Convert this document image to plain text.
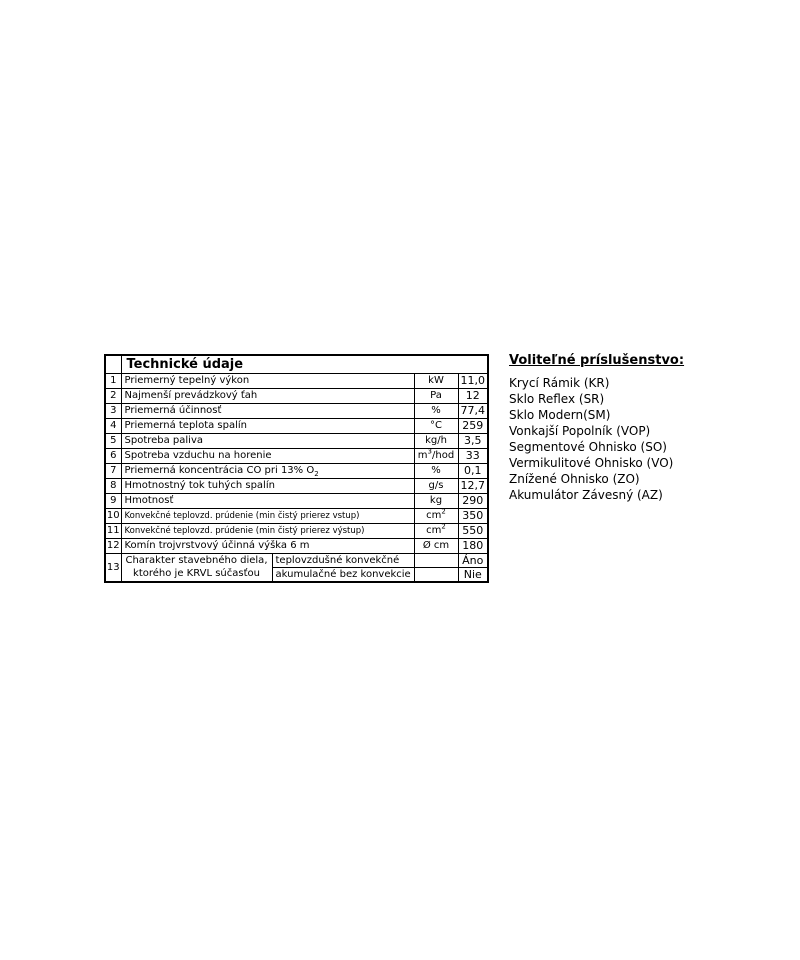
	Technické údaje			
1	Priemerný tepelný výkon		kW	11,0
2	Najmenší prevádzkový ťah		Pa	12
3	Priemerná účinnosť		%	77,4
4	Priemerná teplota spalín		°C	259
5	Spotreba paliva		kg/h	3,5
6	Spotreba vzduchu na horenie		$m^3$/hod	33
7	Priemerná koncentrácia CO pri 13% $O_2$		%	0,1
8	Hmotnostný tok tuhých spalín		g/s	12,7
9	Hmotnosť		kg	290
10	Konvekčné teplovzd. prúdenie (min čistý prierez vstup)		$cm^2$	350
11	Konvekčné teplovzd. prúdenie (min čistý prierez výstup)		$cm^2$	550
12	Komín trojvrstvový účinná výška 6 m		Ø cm	180
13	Charakter stavebného diela,
ktorého je KRVL súčasťou	teplovzdušné konvekčné		Áno
		akumulačné bez konvekcie		Nie
Voliteľné príslušenstvo:
Krycí Rámik (KR)
Sklo Reflex (SR)
Sklo Modern(SM)
Vonkajší Popolník (VOP)
Segmentové Ohnisko (SO)
Vermikulitové Ohnisko (VO)
Znížené Ohnisko (ZO)
Akumulátor Závesný (AZ)
